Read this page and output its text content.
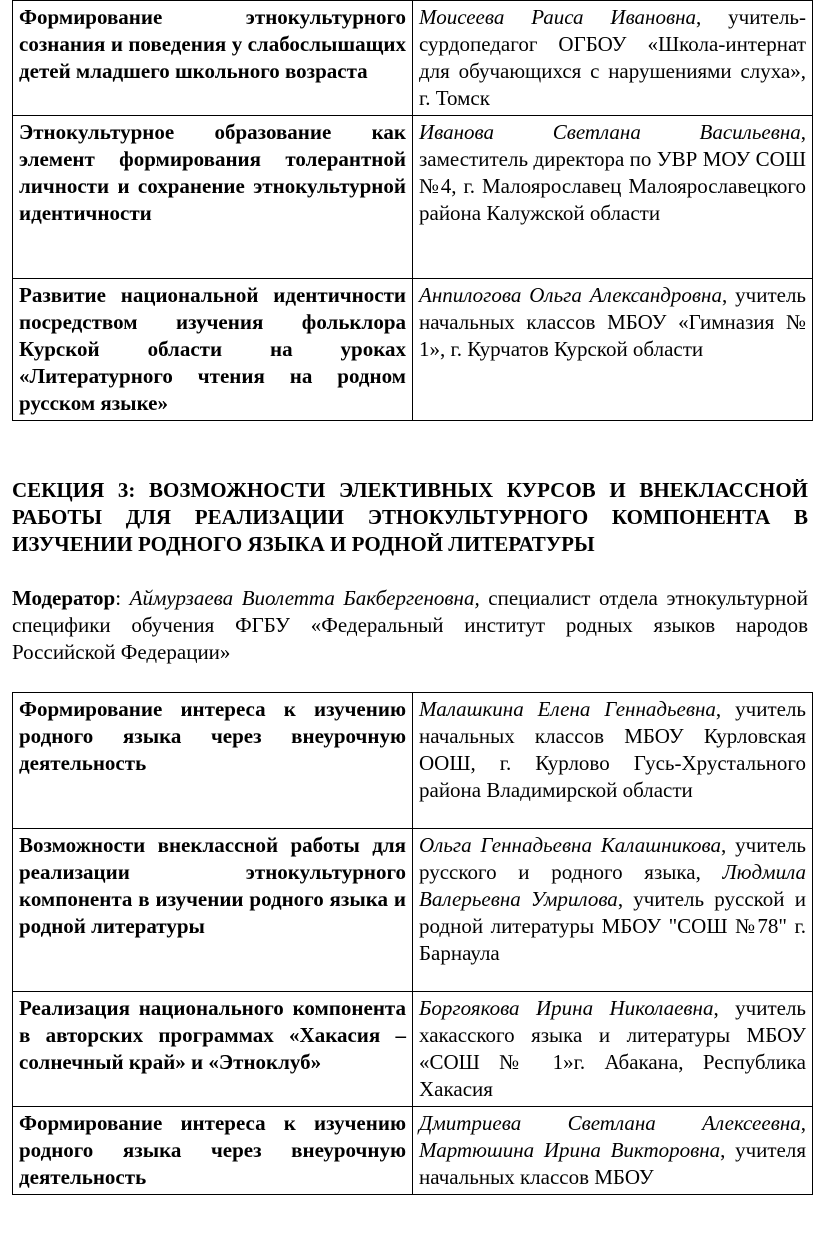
Формирование этнокультурного сознания и поведения у слабослышащих детей младшего школьного возраста	Моисеева Раиса Ивановна, учитель-сурдопедагог ОГБОУ «Школа-интернат для обучающихся с нарушениями слуха», г. Томск
Этнокультурное образование как элемент формирования толерантной личности и сохранение этнокультурной идентичности	Иванова Светлана Васильевна, заместитель директора по УВР МОУ СОШ №4, г. Малоярославец Малоярославецкого района Калужской области
Развитие национальной идентичности посредством изучения фольклора Курской области на уроках «Литературного чтения на родном русском языке»	Анпилогова Ольга Александровна, учитель начальных классов МБОУ «Гимназия № 1», г. Курчатов Курской области
СЕКЦИЯ 3: ВОЗМОЖНОСТИ ЭЛЕКТИВНЫХ КУРСОВ И ВНЕКЛАССНОЙ РАБОТЫ ДЛЯ РЕАЛИЗАЦИИ ЭТНОКУЛЬТУРНОГО КОМПОНЕНТА В ИЗУЧЕНИИ РОДНОГО ЯЗЫКА И РОДНОЙ ЛИТЕРАТУРЫ

Модератор: Аймурзаева Виолетта Бакбергеновна, специалист отдела этнокультурной специфики обучения ФГБУ «Федеральный институт родных языков народов Российской Федерации»

Формирование интереса к изучению родного языка через внеурочную деятельность	Малашкина Елена Геннадьевна, учитель начальных классов МБОУ Курловская ООШ, г. Курлово Гусь-Хрустального района Владимирской области
Возможности внеклассной работы для реализации этнокультурного компонента в изучении родного языка и родной литературы	Ольга Геннадьевна Калашникова, учитель русского и родного языка, Людмила Валерьевна Умрилова, учитель русской и родной литературы МБОУ "СОШ №78" г. Барнаула
Реализация национального компонента в авторских программах «Хакасия – солнечный край» и «Этноклуб»	Боргоякова Ирина Николаевна, учитель хакасского языка и литературы МБОУ «СОШ № 1»г. Абакана, Республика Хакасия
Формирование интереса к изучению родного языка через внеурочную деятельность	Дмитриева Светлана Алексеевна, Мартюшина Ирина Викторовна, учителя начальных классов МБОУ
